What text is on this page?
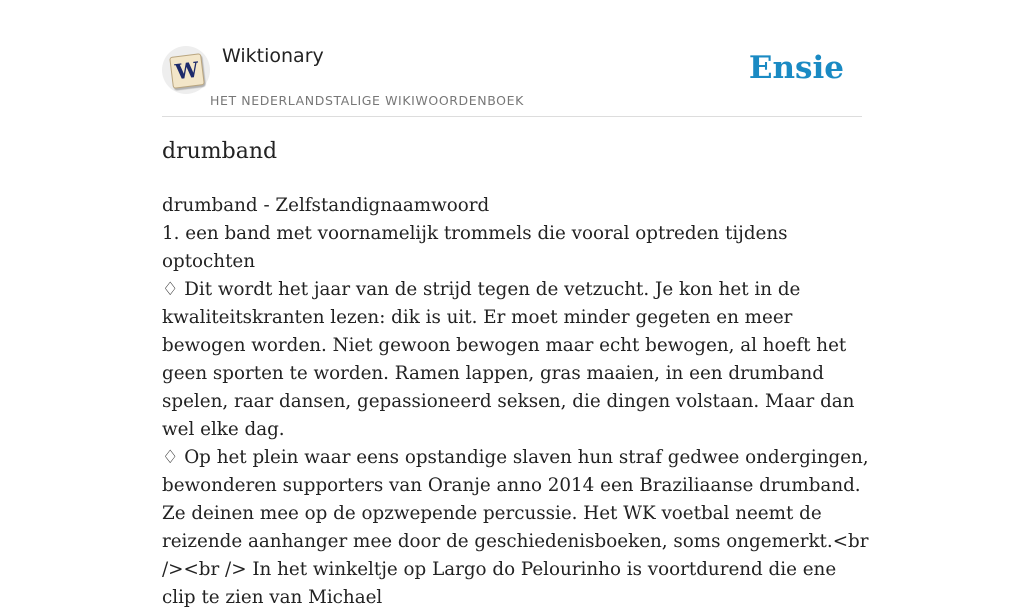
W
Wiktionary
HET NEDERLANDSTALIGE WIKIWOORDENBOEK
Ensie
drumband

drumband - Zelfstandignaamwoord

1. een band met voornamelijk trommels die vooral optreden tijdens optochten

♢ Dit wordt het jaar van de strijd tegen de vetzucht. Je kon het in de kwaliteitskranten lezen: dik is uit. Er moet minder gegeten en meer bewogen worden. Niet gewoon bewogen maar echt bewogen, al hoeft het geen sporten te worden. Ramen lappen, gras maaien, in een drumband spelen, raar dansen, gepassioneerd seksen, die dingen volstaan. Maar dan wel elke dag.

♢ Op het plein waar eens opstandige slaven hun straf gedwee ondergingen, bewonderen supporters van Oranje anno 2014 een Braziliaanse drumband. Ze deinen mee op de opzwepende percussie. Het WK voetbal neemt de reizende aanhanger mee door de geschiedenisboeken, soms ongemerkt.<br /><br /> In het winkeltje op Largo do Pelourinho is voortdurend die ene clip te zien van Michael
